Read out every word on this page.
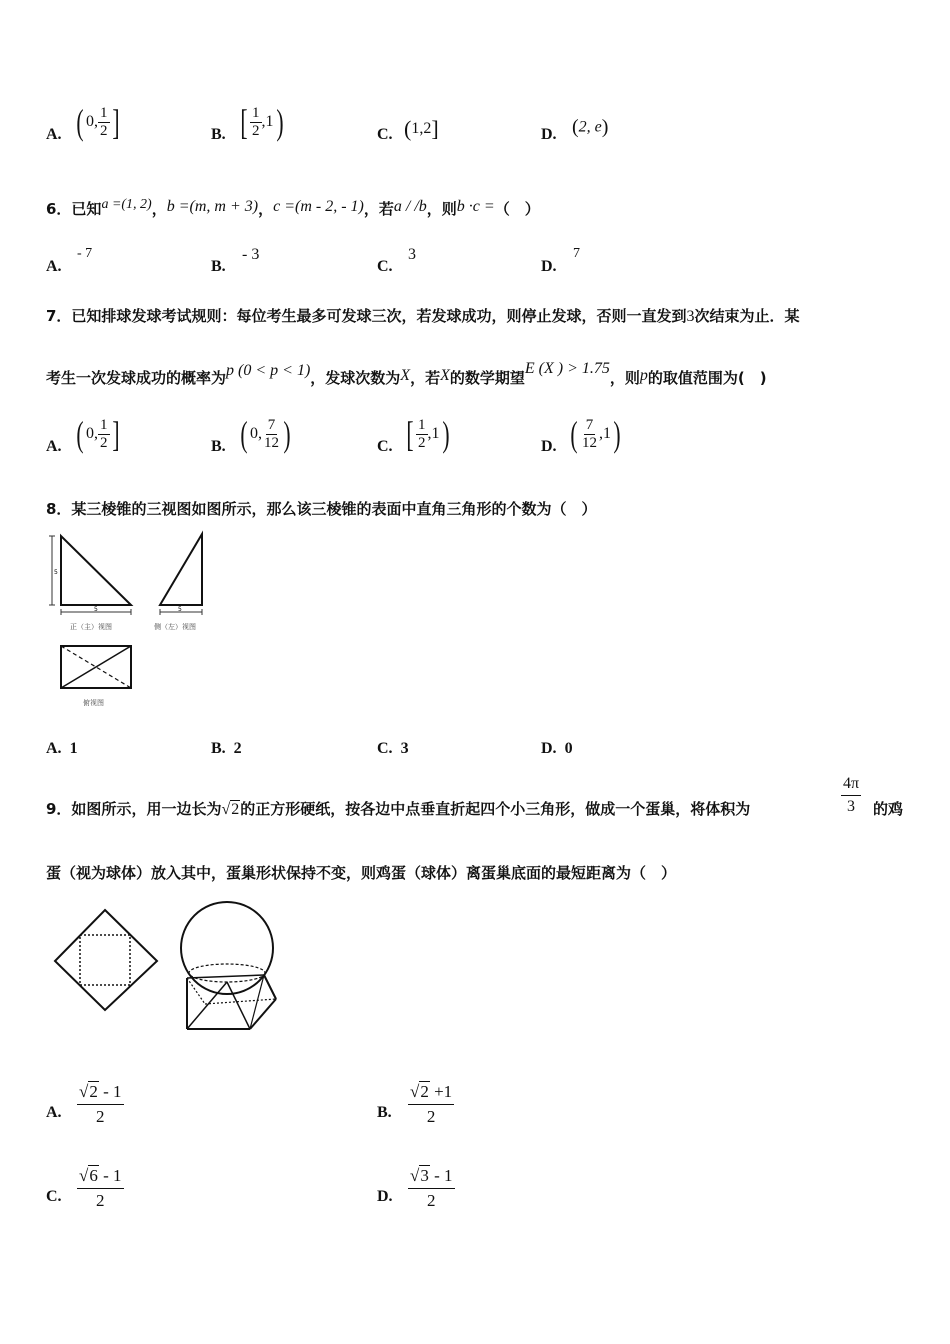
A. ( 0, $\frac{1}{2}$ ]	B. [ $\frac{1}{2} ,1$)	C. (1,2]	D. (2, e)
6．已知a =(1, 2)，b =(m, m + 3)，c =(m - 2, - 1)，若a / /b，则b ·c =（　）
A.
- 7
B.
- 3
C.
3
D.
7
7．已知排球发球考试规则：每位考生最多可发球三次，若发球成功，则停止发球，否则一直发到3次结束为止．某
考生一次发球成功的概率为p (0 < p < 1)，发球次数为X，若X的数学期望E (X ) > 1.75，则p的取值范围为(　)
A. ( 0, $\frac{1}{2}$ ]	B. ( 0, $\frac{7}{12}$ )	C. [ $\frac{1}{2} ,1$)	D. ( $\frac{7}{12} ,1$)
8．某三棱锥的三视图如图所示，那么该三棱锥的表面中直角三角形的个数为（　）
5
5
正（主）视图
5
侧（左）视图
俯视图
A. 1	B. 2	C. 3	D. 0
9．如图所示，用一边长为√2的正方形硬纸，按各边中点垂直折起四个小三角形，做成一个蛋巢，将体积为	$\frac{4\pi}{3}$ 的鸡
蛋（视为球体）放入其中，蛋巢形状保持不变，则鸡蛋（球体）离蛋巢底面的最短距离为（　）
A. $\frac{√2 - 1}{2}$	B. $\frac{√2 +1}{2}$
C. $\frac{√6 - 1}{2}$	D. $\frac{√3 - 1}{2}$
